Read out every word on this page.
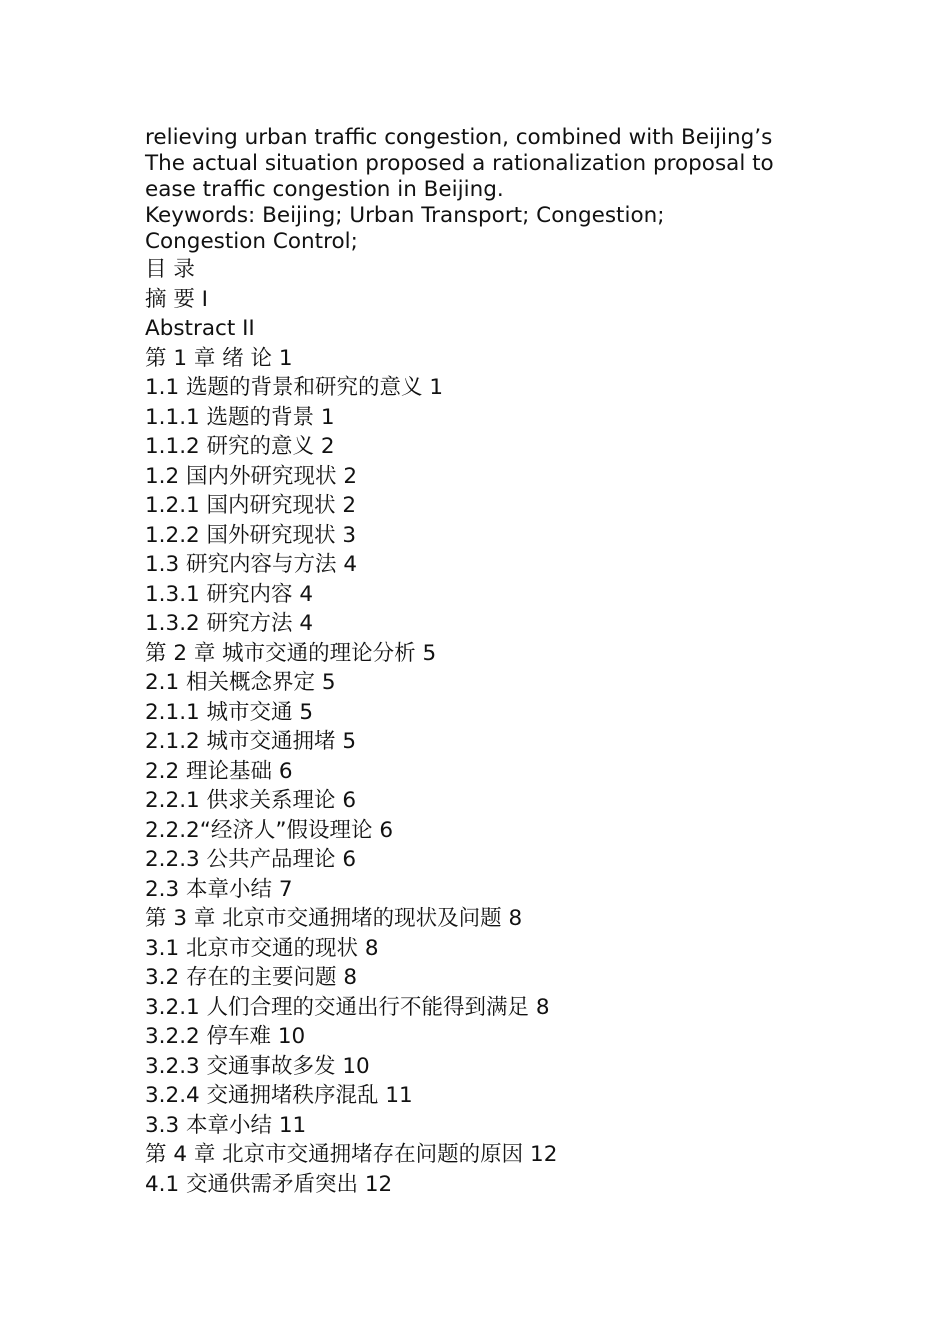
relieving urban traffic congestion, combined with Beijing’s

The actual situation proposed a rationalization proposal to

ease traffic congestion in Beijing.

Keywords: Beijing; Urban Transport; Congestion;

Congestion Control;

目 录

摘 要 I

Abstract II

第 1 章 绪 论 1

1.1 选题的背景和研究的意义 1

1.1.1 选题的背景 1

1.1.2 研究的意义 2

1.2 国内外研究现状 2

1.2.1 国内研究现状 2

1.2.2 国外研究现状 3

1.3 研究内容与方法 4

1.3.1 研究内容 4

1.3.2 研究方法 4

第 2 章 城市交通的理论分析 5

2.1 相关概念界定 5

2.1.1 城市交通 5

2.1.2 城市交通拥堵 5

2.2 理论基础 6

2.2.1 供求关系理论 6

2.2.2“经济人”假设理论 6

2.2.3 公共产品理论 6

2.3 本章小结 7

第 3 章 北京市交通拥堵的现状及问题 8

3.1 北京市交通的现状 8

3.2 存在的主要问题 8

3.2.1 人们合理的交通出行不能得到满足 8

3.2.2 停车难 10

3.2.3 交通事故多发 10

3.2.4 交通拥堵秩序混乱 11

3.3 本章小结 11

第 4 章 北京市交通拥堵存在问题的原因 12

4.1 交通供需矛盾突出 12
